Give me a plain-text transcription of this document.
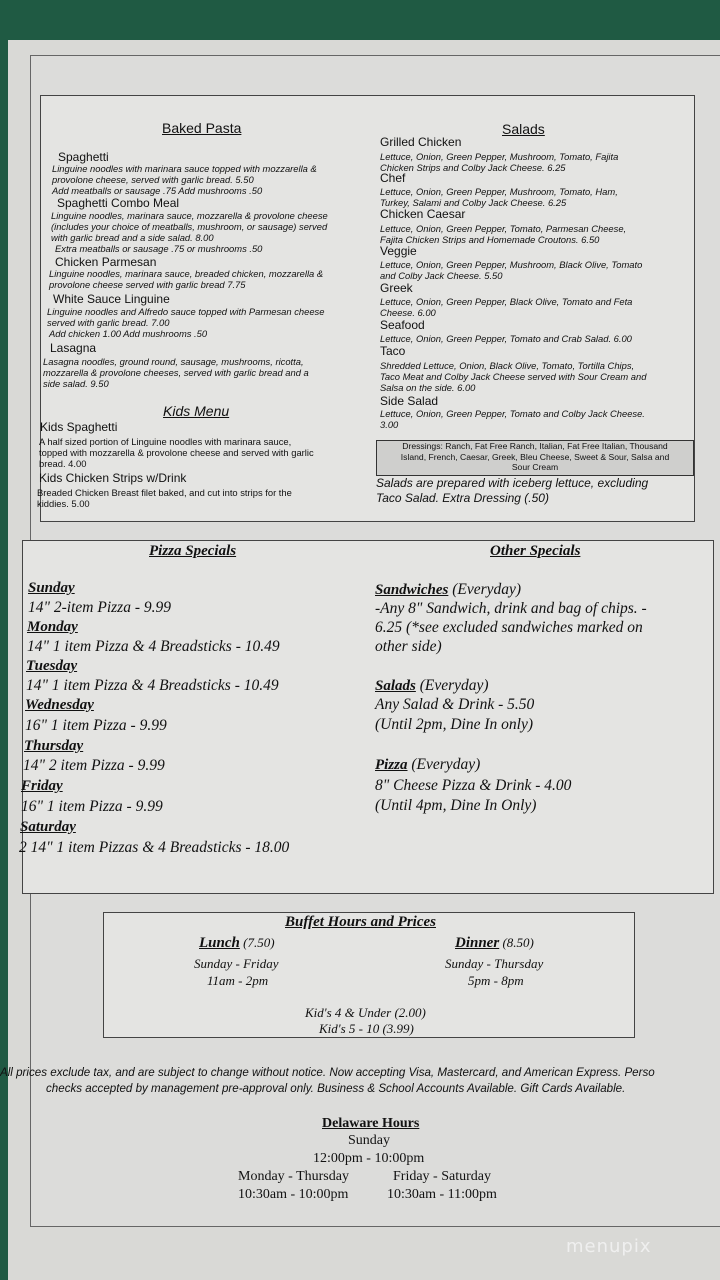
Baked Pasta
Spaghetti
Linguine noodles with marinara sauce topped with mozzarella &
provolone cheese, served with garlic bread. 5.50
Add meatballs or sausage .75 Add mushrooms .50
Spaghetti Combo Meal
Linguine noodles, marinara sauce, mozzarella & provolone cheese
(includes your choice of meatballs, mushroom, or sausage) served
with garlic bread and a side salad. 8.00
Extra meatballs or sausage .75 or mushrooms .50
Chicken Parmesan
Linguine noodles, marinara sauce, breaded chicken, mozzarella &
provolone cheese served with garlic bread 7.75
White Sauce Linguine
Linguine noodles and Alfredo sauce topped with Parmesan cheese
served with garlic bread. 7.00
Add chicken 1.00 Add mushrooms .50
Lasagna
Lasagna noodles, ground round, sausage, mushrooms, ricotta,
mozzarella & provolone cheeses, served with garlic bread and a
side salad. 9.50
Kids Menu
Kids Spaghetti
A half sized portion of Linguine noodles with marinara sauce,
topped with mozzarella & provolone cheese and served with garlic
bread. 4.00
Kids Chicken Strips w/Drink
Breaded Chicken Breast filet baked, and cut into strips for the
kiddies. 5.00
Salads
Grilled Chicken
Lettuce, Onion, Green Pepper, Mushroom, Tomato, Fajita
Chicken Strips and Colby Jack Cheese. 6.25
Chef
Lettuce, Onion, Green Pepper, Mushroom, Tomato, Ham,
Turkey, Salami and Colby Jack Cheese. 6.25
Chicken Caesar
Lettuce, Onion, Green Pepper, Tomato, Parmesan Cheese,
Fajita Chicken Strips and Homemade Croutons. 6.50
Veggie
Lettuce, Onion, Green Pepper, Mushroom, Black Olive, Tomato
and Colby Jack Cheese. 5.50
Greek
Lettuce, Onion, Green Pepper, Black Olive, Tomato and Feta
Cheese. 6.00
Seafood
Lettuce, Onion, Green Pepper, Tomato and Crab Salad. 6.00
Taco
Shredded Lettuce, Onion, Black Olive, Tomato, Tortilla Chips,
Taco Meat and Colby Jack Cheese served with Sour Cream and
Salsa on the side. 6.00
Side Salad
Lettuce, Onion, Green Pepper, Tomato and Colby Jack Cheese.
3.00
Dressings: Ranch, Fat Free Ranch, Italian, Fat Free Italian, Thousand
Island, French, Caesar, Greek, Bleu Cheese, Sweet & Sour, Salsa and
Sour Cream
Salads are prepared with iceberg lettuce, excluding
Taco Salad. Extra Dressing (.50)
Pizza Specials
Sunday
14" 2-item Pizza - 9.99
Monday
14" 1 item Pizza & 4 Breadsticks - 10.49
Tuesday
14" 1 item Pizza & 4 Breadsticks - 10.49
Wednesday
16" 1 item Pizza - 9.99
Thursday
14" 2 item Pizza - 9.99
Friday
16" 1 item Pizza - 9.99
Saturday
2 14" 1 item Pizzas & 4 Breadsticks - 18.00
Other Specials
Sandwiches (Everyday)
-Any 8" Sandwich, drink and bag of chips. -
6.25 (*see excluded sandwiches marked on
other side)
Salads (Everyday)
Any Salad & Drink - 5.50
(Until 2pm, Dine In only)
Pizza (Everyday)
8" Cheese Pizza & Drink - 4.00
(Until 4pm, Dine In Only)
Buffet Hours and Prices
Lunch (7.50)
Sunday - Friday
11am - 2pm
Dinner (8.50)
Sunday - Thursday
5pm - 8pm
Kid's 4 & Under (2.00)
Kid's 5 - 10 (3.99)
All prices exclude tax, and are subject to change without notice. Now accepting Visa, Mastercard, and American Express. Perso
checks accepted by management pre-approval only. Business & School Accounts Available. Gift Cards Available.
Delaware Hours
Sunday
12:00pm - 10:00pm
Monday - Thursday
10:30am - 10:00pm
Friday - Saturday
10:30am - 11:00pm
menupix
